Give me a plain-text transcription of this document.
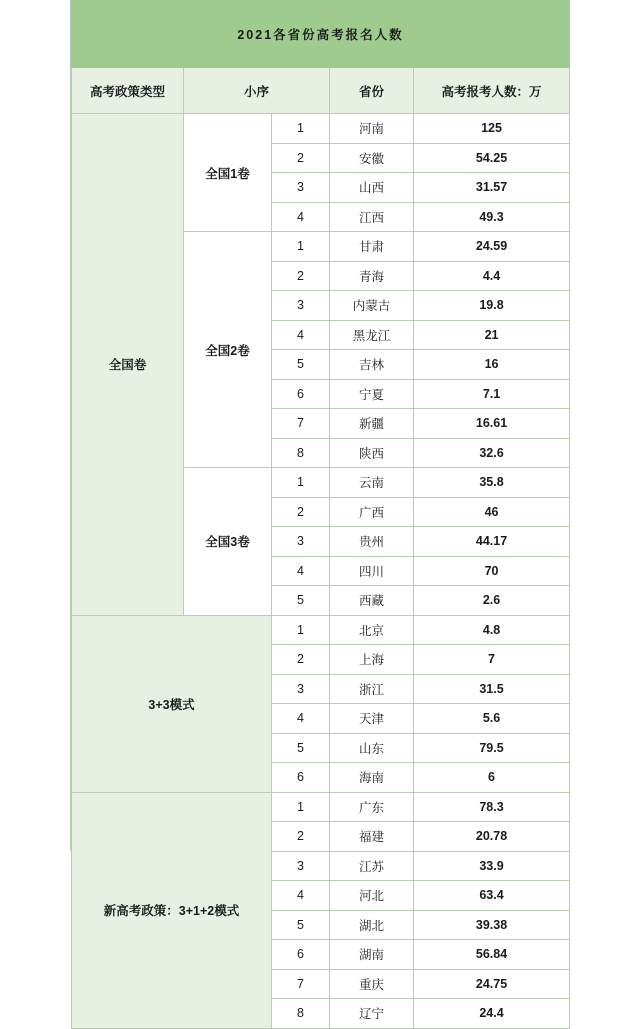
2021各省份高考报名人数				
高考政策类型	小序		省份	高考报考人数：万
全国卷	全国1卷	1	河南	125
		2	安徽	54.25
		3	山西	31.57
		4	江西	49.3
	全国2卷	1	甘肃	24.59
		2	青海	4.4
		3	内蒙古	19.8
		4	黑龙江	21
		5	吉林	16
		6	宁夏	7.1
		7	新疆	16.61
		8	陕西	32.6
	全国3卷	1	云南	35.8
		2	广西	46
		3	贵州	44.17
		4	四川	70
		5	西藏	2.6
3+3模式		1	北京	4.8
		2	上海	7
		3	浙江	31.5
		4	天津	5.6
		5	山东	79.5
		6	海南	6
新高考政策：3+1+2模式		1	广东	78.3
		2	福建	20.78
		3	江苏	33.9
		4	河北	63.4
		5	湖北	39.38
		6	湖南	56.84
		7	重庆	24.75
		8	辽宁	24.4
